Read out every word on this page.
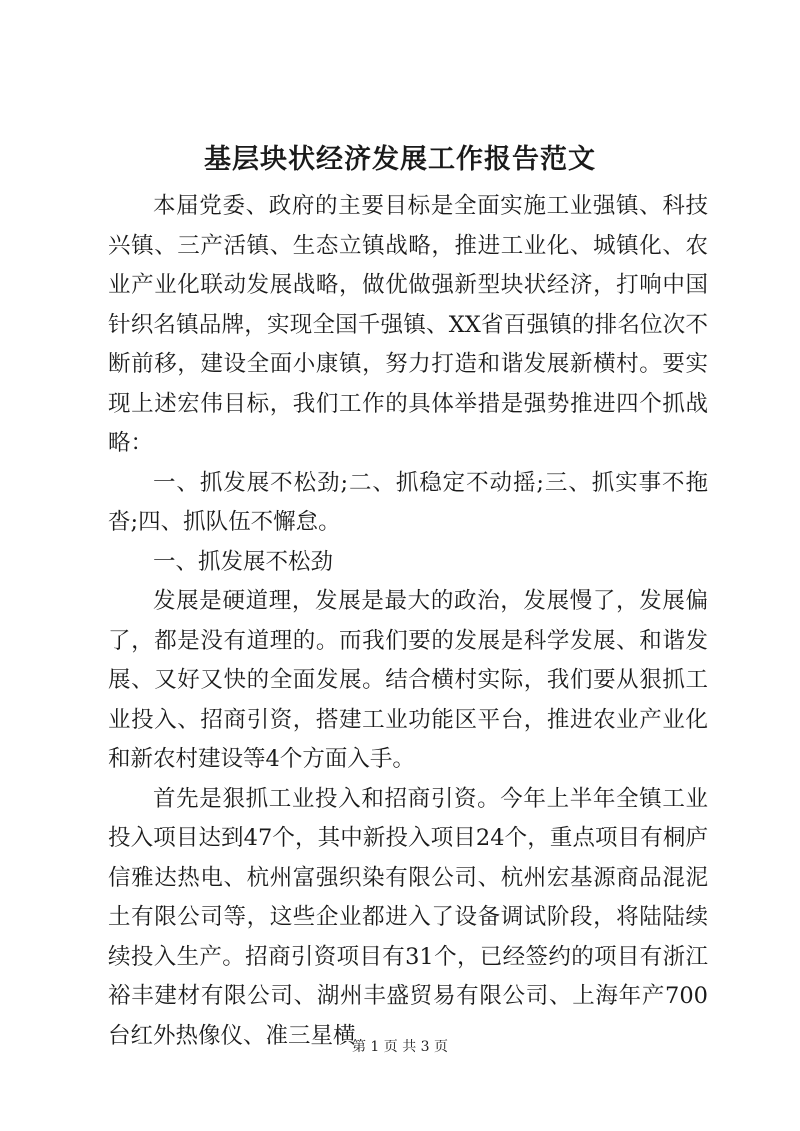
基层块状经济发展工作报告范文

本届党委、政府的主要目标是全面实施工业强镇、科技兴镇、三产活镇、生态立镇战略，推进工业化、城镇化、农业产业化联动发展战略，做优做强新型块状经济，打响中国针织名镇品牌，实现全国千强镇、XX省百强镇的排名位次不断前移，建设全面小康镇，努力打造和谐发展新横村。要实现上述宏伟目标，我们工作的具体举措是强势推进四个抓战略：

一、抓发展不松劲;二、抓稳定不动摇;三、抓实事不拖沓;四、抓队伍不懈怠。

一、抓发展不松劲

发展是硬道理，发展是最大的政治，发展慢了，发展偏了，都是没有道理的。而我们要的发展是科学发展、和谐发展、又好又快的全面发展。结合横村实际，我们要从狠抓工业投入、招商引资，搭建工业功能区平台，推进农业产业化和新农村建设等4个方面入手。

首先是狠抓工业投入和招商引资。今年上半年全镇工业投入项目达到47个，其中新投入项目24个，重点项目有桐庐信雅达热电、杭州富强织染有限公司、杭州宏基源商品混泥土有限公司等，这些企业都进入了设备调试阶段，将陆陆续续投入生产。招商引资项目有31个，已经签约的项目有浙江裕丰建材有限公司、湖州丰盛贸易有限公司、上海年产700台红外热像仪、准三星横

第 1 页 共 3 页
